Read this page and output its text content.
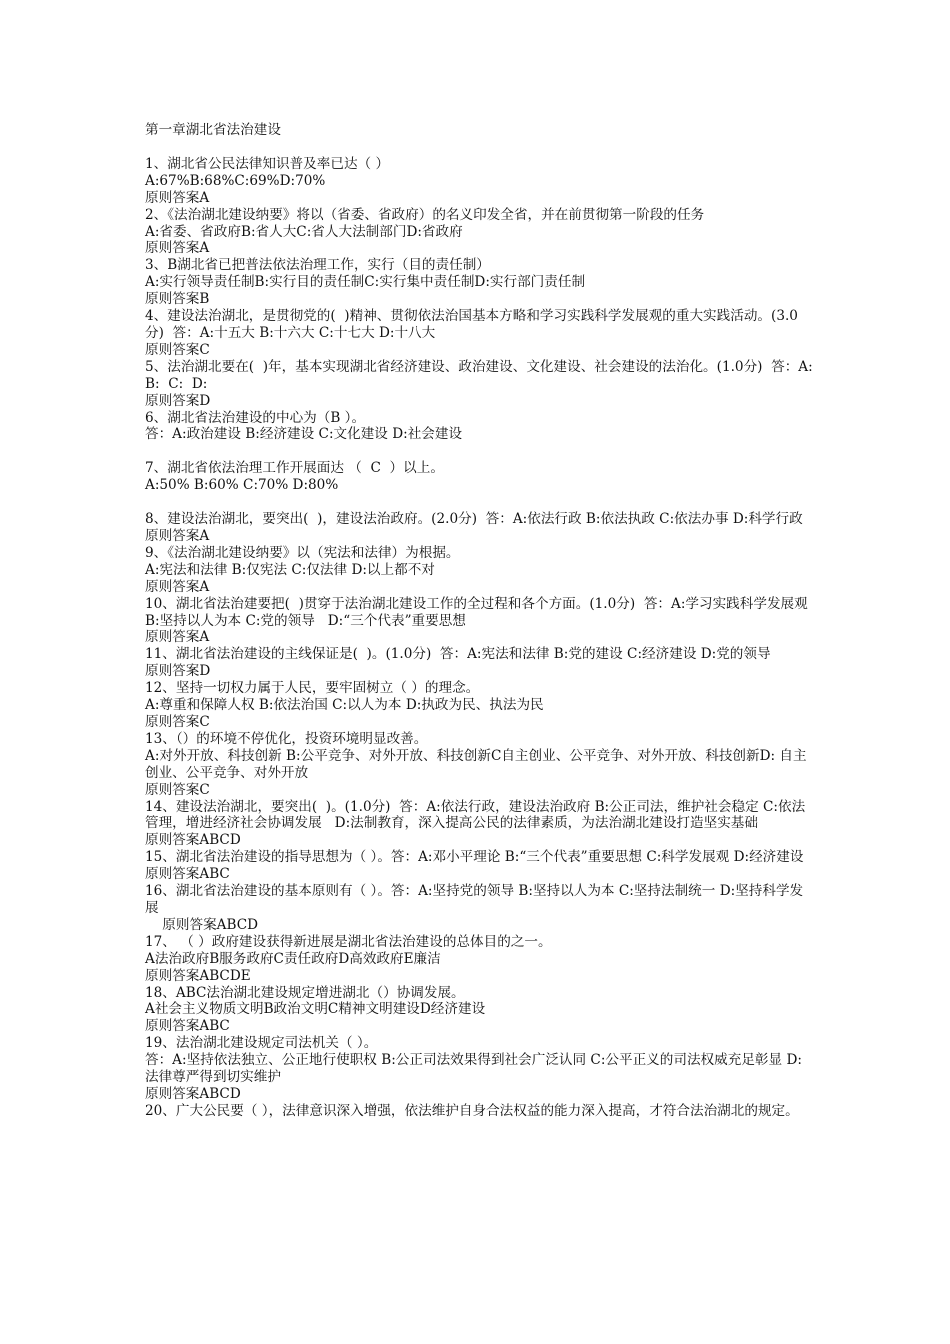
第一章湖北省法治建设
1、湖北省公民法律知识普及率已达（ ）
A:67%B:68%C:69%D:70%
原则答案A
2、《法治湖北建设纳要》将以（省委、省政府）的名义印发全省，并在前贯彻第一阶段的任务
A:省委、省政府B:省人大C:省人大法制部门D:省政府
原则答案A
3、B湖北省已把普法依法治理工作，实行（目的责任制）
A:实行领导责任制B:实行目的责任制C:实行集中责任制D:实行部门责任制
原则答案B
4、建设法治湖北，是贯彻党的(  )精神、贯彻依法治国基本方略和学习实践科学发展观的重大实践活动。(3.0分)  答：A:十五大 B:十六大 C:十七大 D:十八大
原则答案C
5、法治湖北要在(  )年，基本实现湖北省经济建设、政治建设、文化建设、社会建设的法治化。(1.0分)  答：A:  B:  C:  D:
原则答案D
6、湖北省法治建设的中心为（B ）。
答：A:政治建设 B:经济建设 C:文化建设 D:社会建设
7、湖北省依法治理工作开展面达 （  C  ）以上。
A:50% B:60% C:70% D:80%
8、建设法治湖北，要突出(  )，建设法治政府。(2.0分)  答：A:依法行政 B:依法执政 C:依法办事 D:科学行政
原则答案A
9、《法治湖北建设纳要》以（宪法和法律）为根据。
A:宪法和法律 B:仅宪法 C:仅法律 D:以上都不对
原则答案A
10、湖北省法治建要把(  )贯穿于法治湖北建设工作的全过程和各个方面。(1.0分)  答：A:学习实践科学发展观 B:坚持以人为本 C:党的领导   D:“三个代表”重要思想
原则答案A
11、湖北省法治建设的主线保证是(  )。(1.0分)  答：A:宪法和法律 B:党的建设 C:经济建设 D:党的领导
原则答案D
12、坚持一切权力属于人民，要牢固树立（ ）的理念。
A:尊重和保障人权 B:依法治国 C:以人为本 D:执政为民、执法为民
原则答案C
13、（）的环境不停优化，投资环境明显改善。
A:对外开放、科技创新 B:公平竞争、对外开放、科技创新C自主创业、公平竞争、对外开放、科技创新D: 自主创业、公平竞争、对外开放
原则答案C
14、建设法治湖北，要突出(  )。(1.0分)  答：A:依法行政，建设法治政府 B:公正司法，维护社会稳定 C:依法管理，增进经济社会协调发展   D:法制教育，深入提高公民的法律素质，为法治湖北建设打造坚实基础
原则答案ABCD
15、湖北省法治建设的指导思想为（ ）。答：A:邓小平理论 B:“三个代表”重要思想 C:科学发展观 D:经济建设
原则答案ABC
16、湖北省法治建设的基本原则有（ ）。答：A:坚持党的领导 B:坚持以人为本 C:坚持法制统一 D:坚持科学发展
原则答案ABCD
17、 （ ）政府建设获得新进展是湖北省法治建设的总体目的之一。
A法治政府B服务政府C责任政府D高效政府E廉洁
原则答案ABCDE
18、ABC法治湖北建设规定增进湖北（）协调发展。
A社会主义物质文明B政治文明C精神文明建设D经济建设
原则答案ABC
19、法治湖北建设规定司法机关（ ）。
答：A:坚持依法独立、公正地行使职权 B:公正司法效果得到社会广泛认同 C:公平正义的司法权威充足彰显 D:法律尊严得到切实维护
原则答案ABCD
20、广大公民要（ ），法律意识深入增强，依法维护自身合法权益的能力深入提高，才符合法治湖北的规定。
